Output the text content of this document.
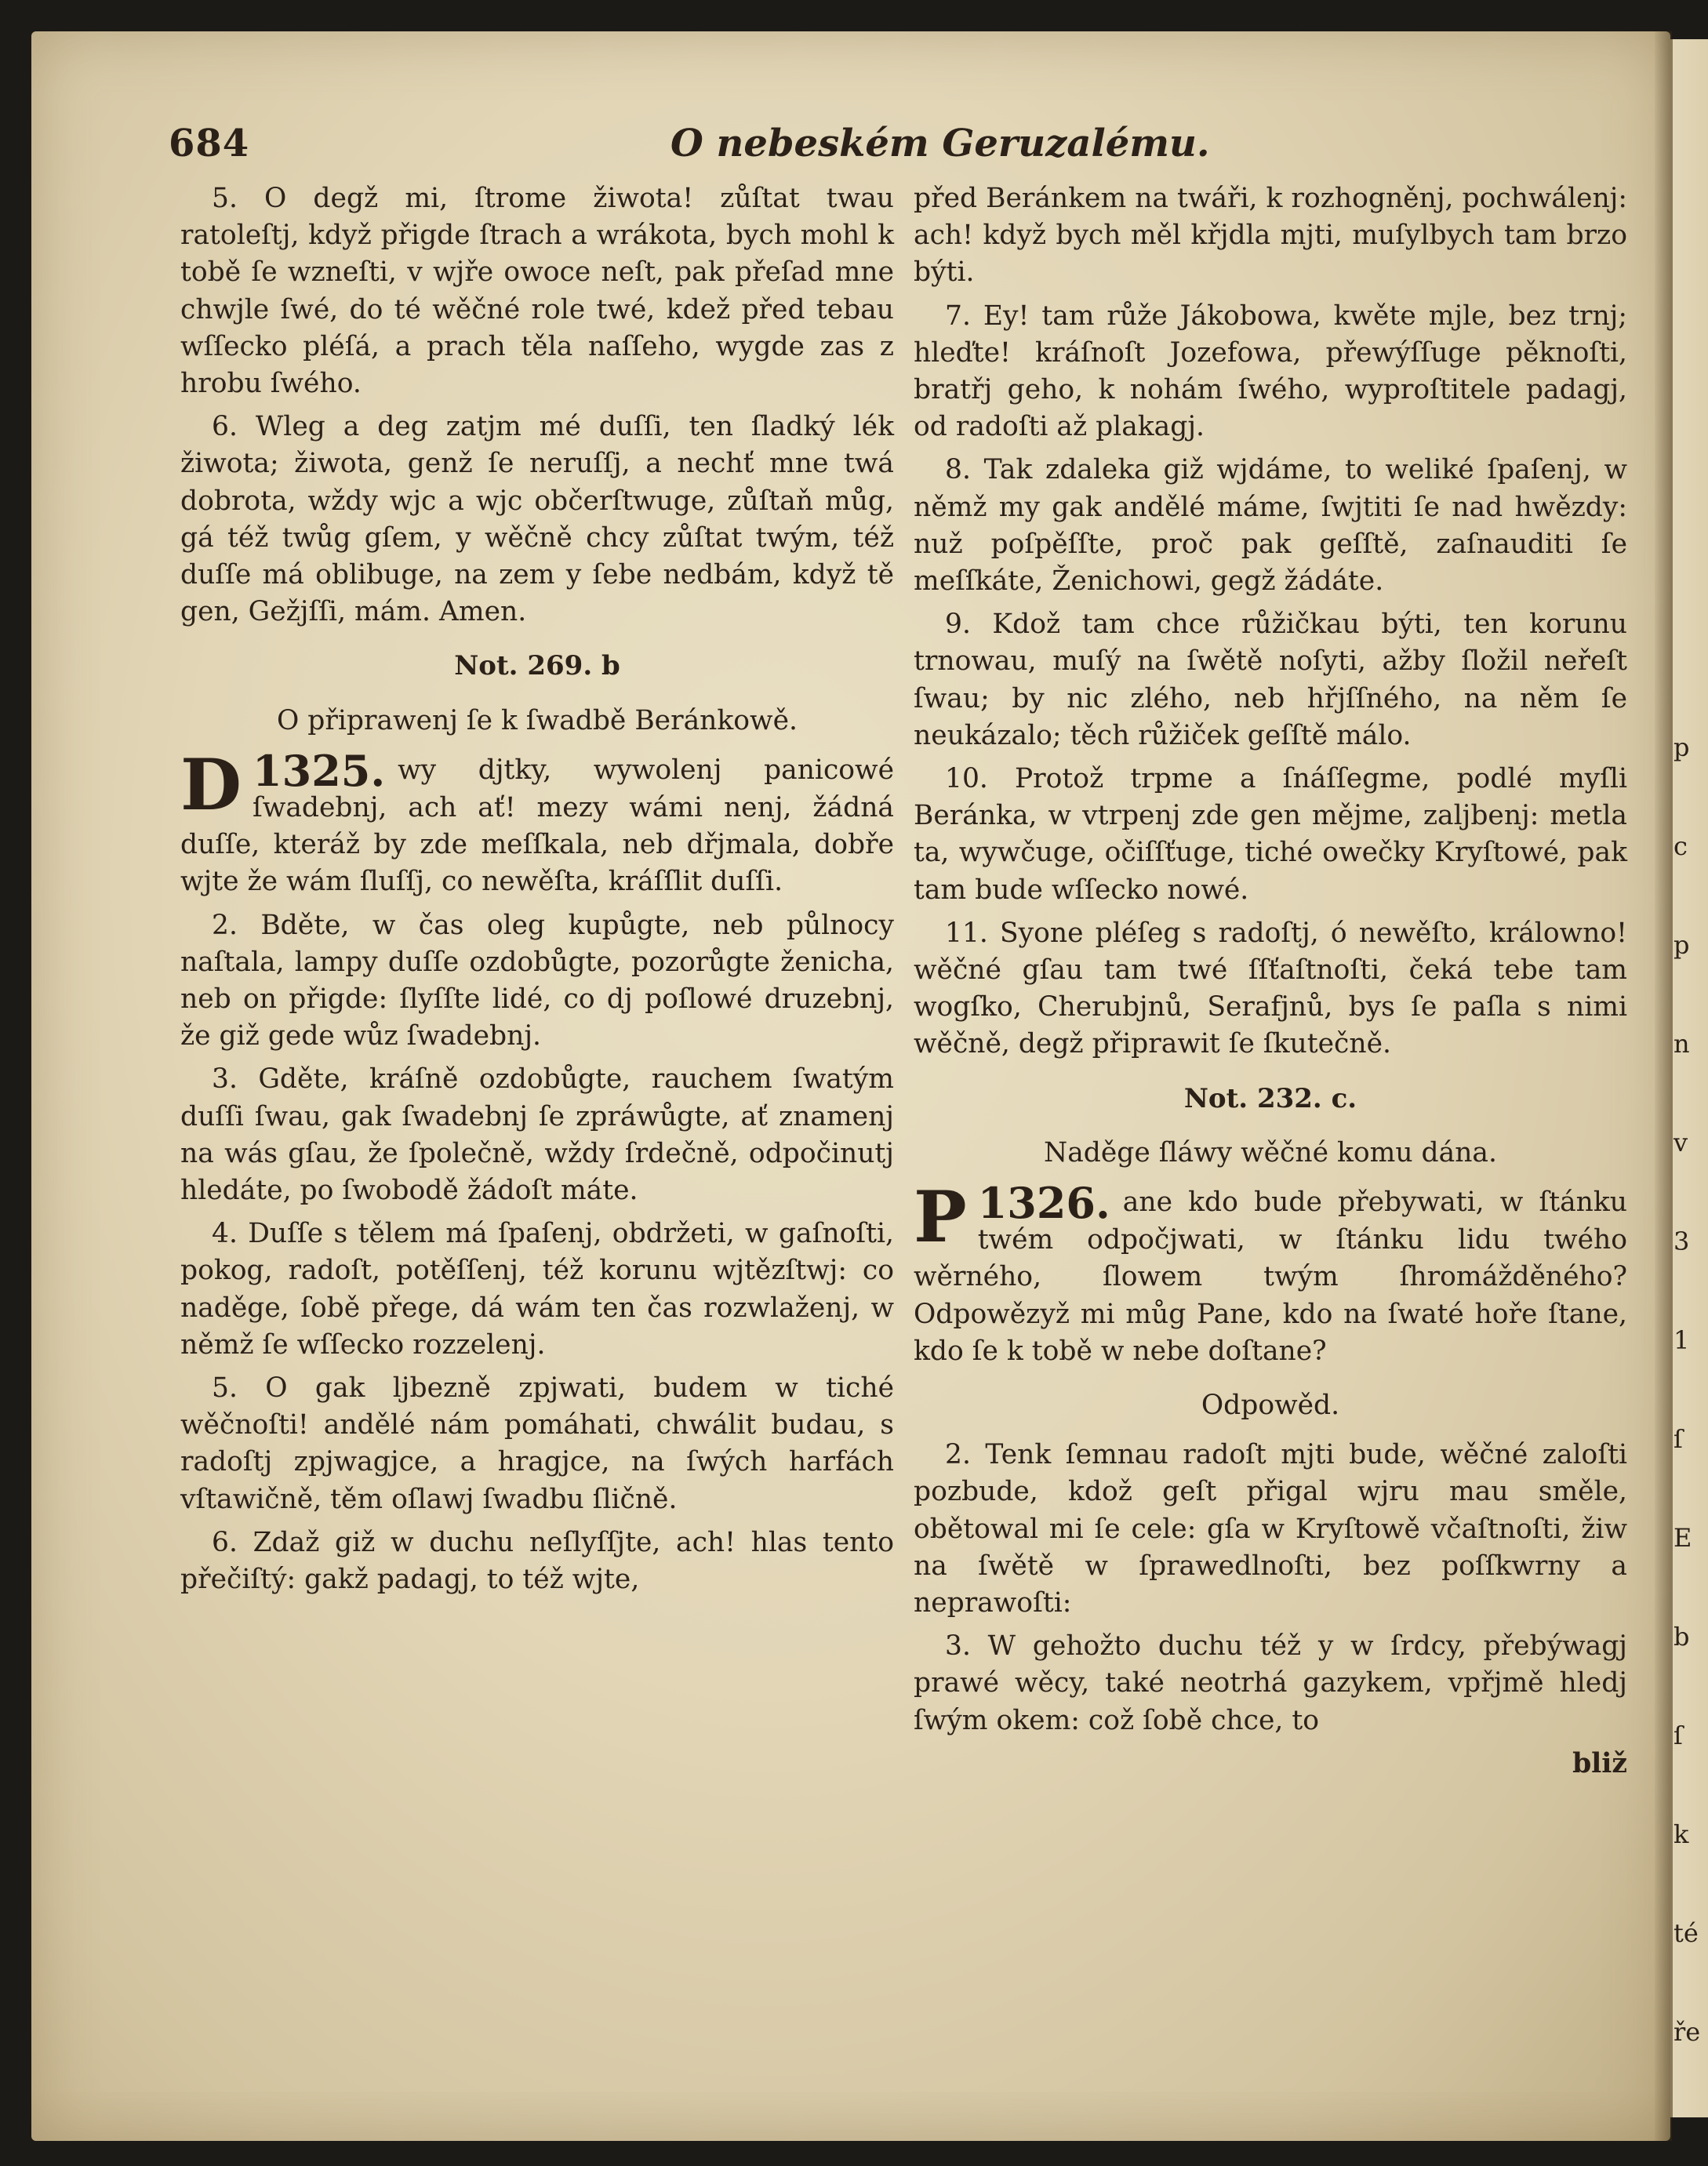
684	O nebeském Geruzalému.

5. O degž mi, ſtrome žiwota! zůſtat twau ratoleſtj, když přigde ſtrach a wrákota, bych mohl k tobě ſe wzneſti, v wjře owoce neſt, pak přeſad mne chwjle ſwé, do té wěčné role twé, kdež před tebau wſſecko pléſá, a prach těla naſſeho, wygde zas z hrobu ſwého.

6. Wleg a deg zatjm mé duſſi, ten ſladký lék žiwota; žiwota, genž ſe neruſſj, a nechť mne twá dobrota, wždy wjc a wjc občerſtwuge, zůſtaň můg, gá též twůg gſem, y wěčně chcy zůſtat twým, též duſſe má oblibuge, na zem y ſebe nedbám, když tě gen, Gežjſſi, mám. Amen.

Not. 269. b
O připrawenj ſe k ſwadbě Beránkowě.

1325.
D	wy djtky, wywolenj panicowé ſwadebnj, ach ať! mezy wámi nenj, žádná duſſe, kteráž by zde meſſkala, neb dřjmala, dobře wjte že wám ſluſſj, co newěſta, kráſſlit duſſi.

2. Bděte, w čas oleg kupůgte, neb půlnocy naſtala, lampy duſſe ozdobůgte, pozorůgte ženicha, neb on přigde: ſlyſſte lidé, co dj poſlowé druzebnj, že giž gede wůz ſwadebnj.

3. Gděte, kráſně ozdobůgte, rauchem ſwatým duſſi ſwau, gak ſwadebnj ſe zpráwůgte, ať znamenj na wás gſau, že ſpolečně, wždy ſrdečně, odpočinutj hledáte, po ſwobodě žádoſt máte.

4. Duſſe s tělem má ſpaſenj, obdržeti, w gaſnoſti, pokog, radoſt, potěſſenj, též korunu wjtězſtwj: co naděge, ſobě přege, dá wám ten čas rozwlaženj, w němž ſe wſſecko rozzelenj.

5. O gak ljbezně zpjwati, budem w tiché wěčnoſti! andělé nám pomáhati, chwálit budau, s radoſtj zpjwagjce, a hragjce, na ſwých harfách vſtawičně, těm oſlawj ſwadbu ſličně.

6. Zdaž giž w duchu neſlyſſjte, ach! hlas tento přečiſtý: gakž padagj, to též wjte,

před Beránkem na twáři, k rozhogněnj, pochwálenj: ach! když bych měl křjdla mjti, muſylbych tam brzo býti.

7. Ey! tam růže Jákobowa, kwěte mjle, bez trnj; hleďte! kráſnoſt Jozefowa, přewýſſuge pěknoſti, bratřj geho, k nohám ſwého, wyproſtitele padagj, od radoſti až plakagj.

8. Tak zdaleka giž wjdáme, to weliké ſpaſenj, w němž my gak andělé máme, ſwjtiti ſe nad hwězdy: nuž poſpěſſte, proč pak geſſtě, zaſnauditi ſe meſſkáte, Ženichowi, gegž žádáte.

9. Kdož tam chce růžičkau býti, ten korunu trnowau, muſý na ſwětě noſyti, ažby ſložil neřeſt ſwau; by nic zlého, neb hřjſſného, na něm ſe neukázalo; těch růžiček geſſtě málo.

10. Protož trpme a ſnáſſegme, podlé myſli Beránka, w vtrpenj zde gen mějme, zaljbenj: metla ta, wywčuge, očiſſťuge, tiché owečky Kryſtowé, pak tam bude wſſecko nowé.

11. Syone pléſeg s radoſtj, ó newěſto, králowno! wěčné gſau tam twé ſſťaſtnoſti, čeká tebe tam wogſko, Cherubjnů, Serafjnů, bys ſe paſla s nimi wěčně, degž připrawit ſe ſkutečně.

Not. 232. c.
Naděge ſláwy wěčné komu dána.

1326.
P	ane kdo bude přebywati, w ſtánku twém odpočjwati, w ſtánku lidu twého wěrného, ſlowem twým ſhromážděného? Odpowězyž mi můg Pane, kdo na ſwaté hoře ſtane, kdo ſe k tobě w nebe doſtane?

Odpowěd.

2. Tenk ſemnau radoſt mjti bude, wěčné zaloſti pozbude, kdož geſt přigal wjru mau směle, obětowal mi ſe cele: gſa w Kryſtowě včaſtnoſti, žiw na ſwětě w ſprawedlnoſti, bez poſſkwrny a neprawoſti:

3. W gehožto duchu též y w ſrdcy, přebýwagj prawé wěcy, také neotrhá gazykem, vpřjmě hledj ſwým okem: což ſobě chce, to

bliž
p
c
p
n
v
3
1
ſ
E
b
ſ
k
té
ře
